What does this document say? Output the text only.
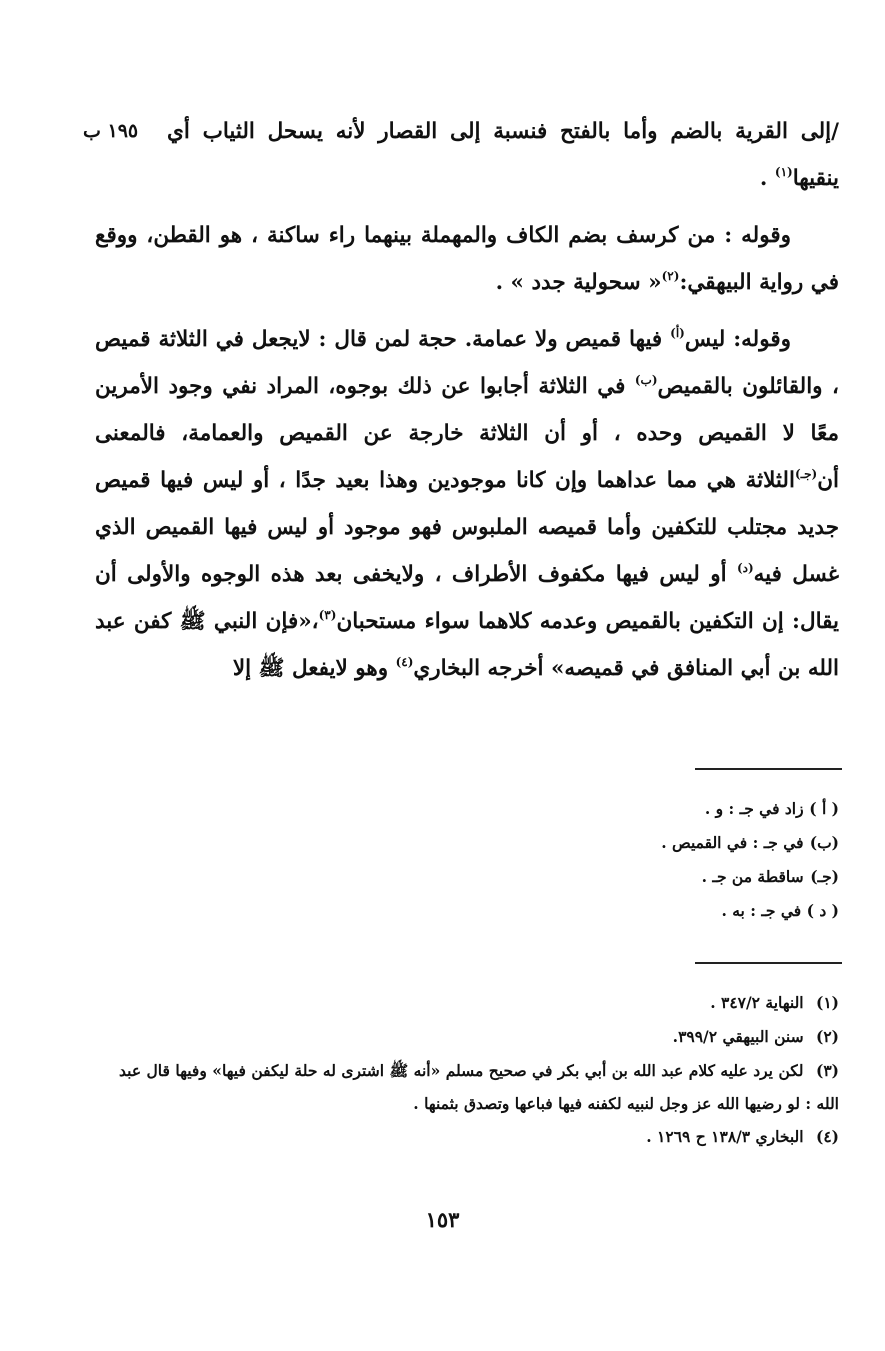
١٩٥ ب /إلى القرية بالضم وأما بالفتح فنسبة إلى القصار لأنه يسحل الثياب أي ينقيها$^{(١)}$ .

وقوله : من كرسف بضم الكاف والمهملة بينهما راء ساكنة ، هو القطن، ووقع في رواية البيهقي:$^{(٢)}$« سحولية جدد » .

وقوله: ليس$^{(أ)}$ فيها قميص ولا عمامة. حجة لمن قال : لايجعل في الثلاثة قميص ، والقائلون بالقميص$^{(ب)}$ في الثلاثة أجابوا عن ذلك بوجوه، المراد نفي وجود الأمرين معًا لا القميص وحده ، أو أن الثلاثة خارجة عن القميص والعمامة، فالمعنى أن$^{(جـ)}$الثلاثة هي مما عداهما وإن كانا موجودين وهذا بعيد جدًا ، أو ليس فيها قميص جديد مجتلب للتكفين وأما قميصه الملبوس فهو موجود أو ليس فيها القميص الذي غسل فيه$^{(د)}$ أو ليس فيها مكفوف الأطراف ، ولايخفى بعد هذه الوجوه والأولى أن يقال: إن التكفين بالقميص وعدمه كلاهما سواء مستحبان$^{(٣)}$،«فإن النبي ﷺ كفن عبد الله بن أبي المنافق في قميصه» أخرجه البخاري$^{(٤)}$ وهو لايفعل ﷺ إلا

( أ ) زاد في جـ : و .

(ب) في جـ : في القميص .

(جـ) ساقطة من جـ .

( د ) في جـ : به .

(١) النهاية ٣٤٧/٢ .

(٢) سنن البيهقي ٣٩٩/٢.

(٣) لكن يرد عليه كلام عبد الله بن أبي بكر في صحيح مسلم «أنه ﷺ اشترى له حلة ليكفن فيها» وفيها قال عبد الله : لو رضيها الله عز وجل لنبيه لكفنه فيها فباعها وتصدق بثمنها .

(٤) البخاري ١٣٨/٣ ح ١٢٦٩ .

١٥٣
